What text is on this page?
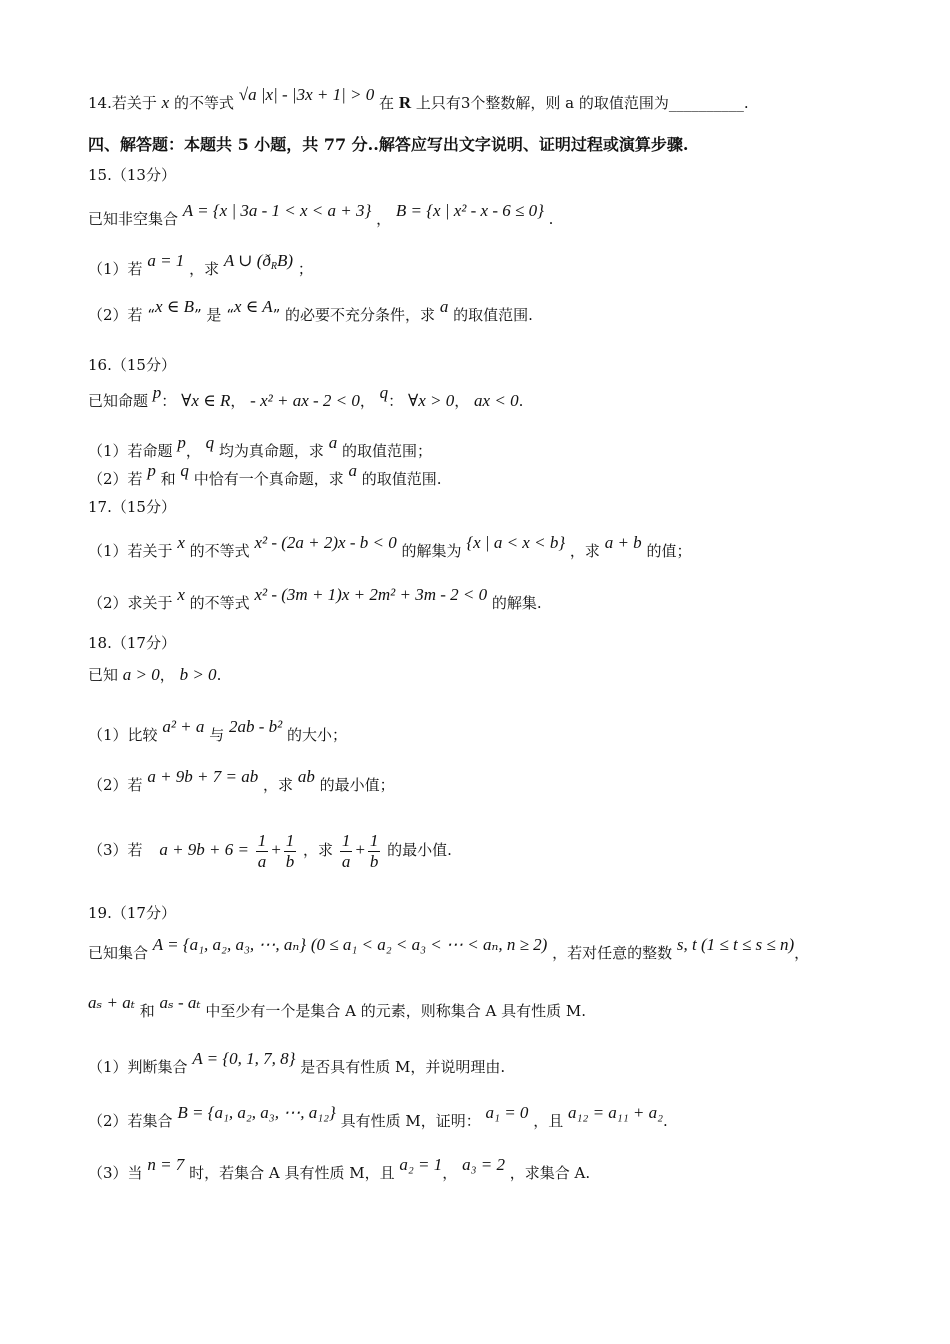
14.若关于 x 的不等式 √a |x| - |3x + 1| > 0 在 R 上只有3个整数解，则 a 的取值范围为__________.
四、解答题：本题共 5 小题，共 77 分..解答应写出文字说明、证明过程或演算步骤.
15.（13分）
已知非空集合 A = {x | 3a - 1 < x < a + 3} ， B = {x | x² - x - 6 ≤ 0} .
（1）若 a = 1 ，求 A ∪ $(ð_RB)$ ；
（2）若 “x ∈ B” 是 “x ∈ A” 的必要不充分条件，求 a 的取值范围.
16.（15分）
已知命题 p： ∀x ∈ R， - x² + ax - 2 < 0， q： ∀x > 0， ax < 0.
（1）若命题 p， q 均为真命题，求 a 的取值范围；
（2）若 p 和 q 中恰有一个真命题，求 a 的取值范围.
17.（15分）
（1）若关于 x 的不等式 x² - (2a + 2)x - b < 0 的解集为 {x | a < x < b} ，求 a + b 的值；
（2）求关于 x 的不等式 x² - (3m + 1)x + 2m² + 3m - 2 < 0 的解集.
18.（17分）
已知 a > 0， b > 0.
（1）比较 a² + a 与 2ab - b² 的大小；
（2）若 a + 9b + 7 = ab ，求 ab 的最小值；
（3）若 $a + 9b + 6 = \frac{1}{a} + \frac{1}{b}$ ，求 $\frac{1}{a} + \frac{1}{b}$ 的最小值.
19.（17分）
已知集合 A = {a₁, a₂, a₃, ⋯, aₙ} (0 ≤ a₁ < a₂ < a₃ < ⋯ < aₙ, n ≥ 2) ，若对任意的整数 s, t (1 ≤ t ≤ s ≤ n)，
aₛ + aₜ 和 aₛ - aₜ 中至少有一个是集合 A 的元素，则称集合 A 具有性质 M.
（1）判断集合 A = {0, 1, 7, 8} 是否具有性质 M，并说明理由.
（2）若集合 B = {a₁, a₂, a₃, ⋯, a₁₂} 具有性质 M，证明： a₁ = 0 ，且 a₁₂ = a₁₁ + a₂.
（3）当 n = 7 时，若集合 A 具有性质 M，且 a₂ = 1， a₃ = 2 ，求集合 A.
